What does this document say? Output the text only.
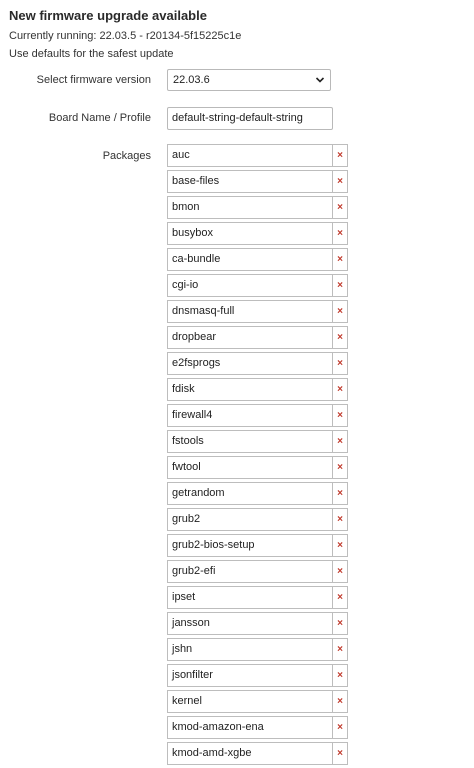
New firmware upgrade available
Currently running: 22.03.5 - r20134-5f15225c1e
Use defaults for the safest update
Select firmware version 22.03.6
Board Name / Profile	default-string-default-string
Packages	auc	×
base-files	×
bmon	×
busybox	×
ca-bundle	×
cgi-io	×
dnsmasq-full	×
dropbear	×
e2fsprogs	×
fdisk	×
firewall4	×
fstools	×
fwtool	×
getrandom	×
grub2	×
grub2-bios-setup	×
grub2-efi	×
ipset	×
jansson	×
jshn	×
jsonfilter	×
kernel	×
kmod-amazon-ena	×
kmod-amd-xgbe	×
